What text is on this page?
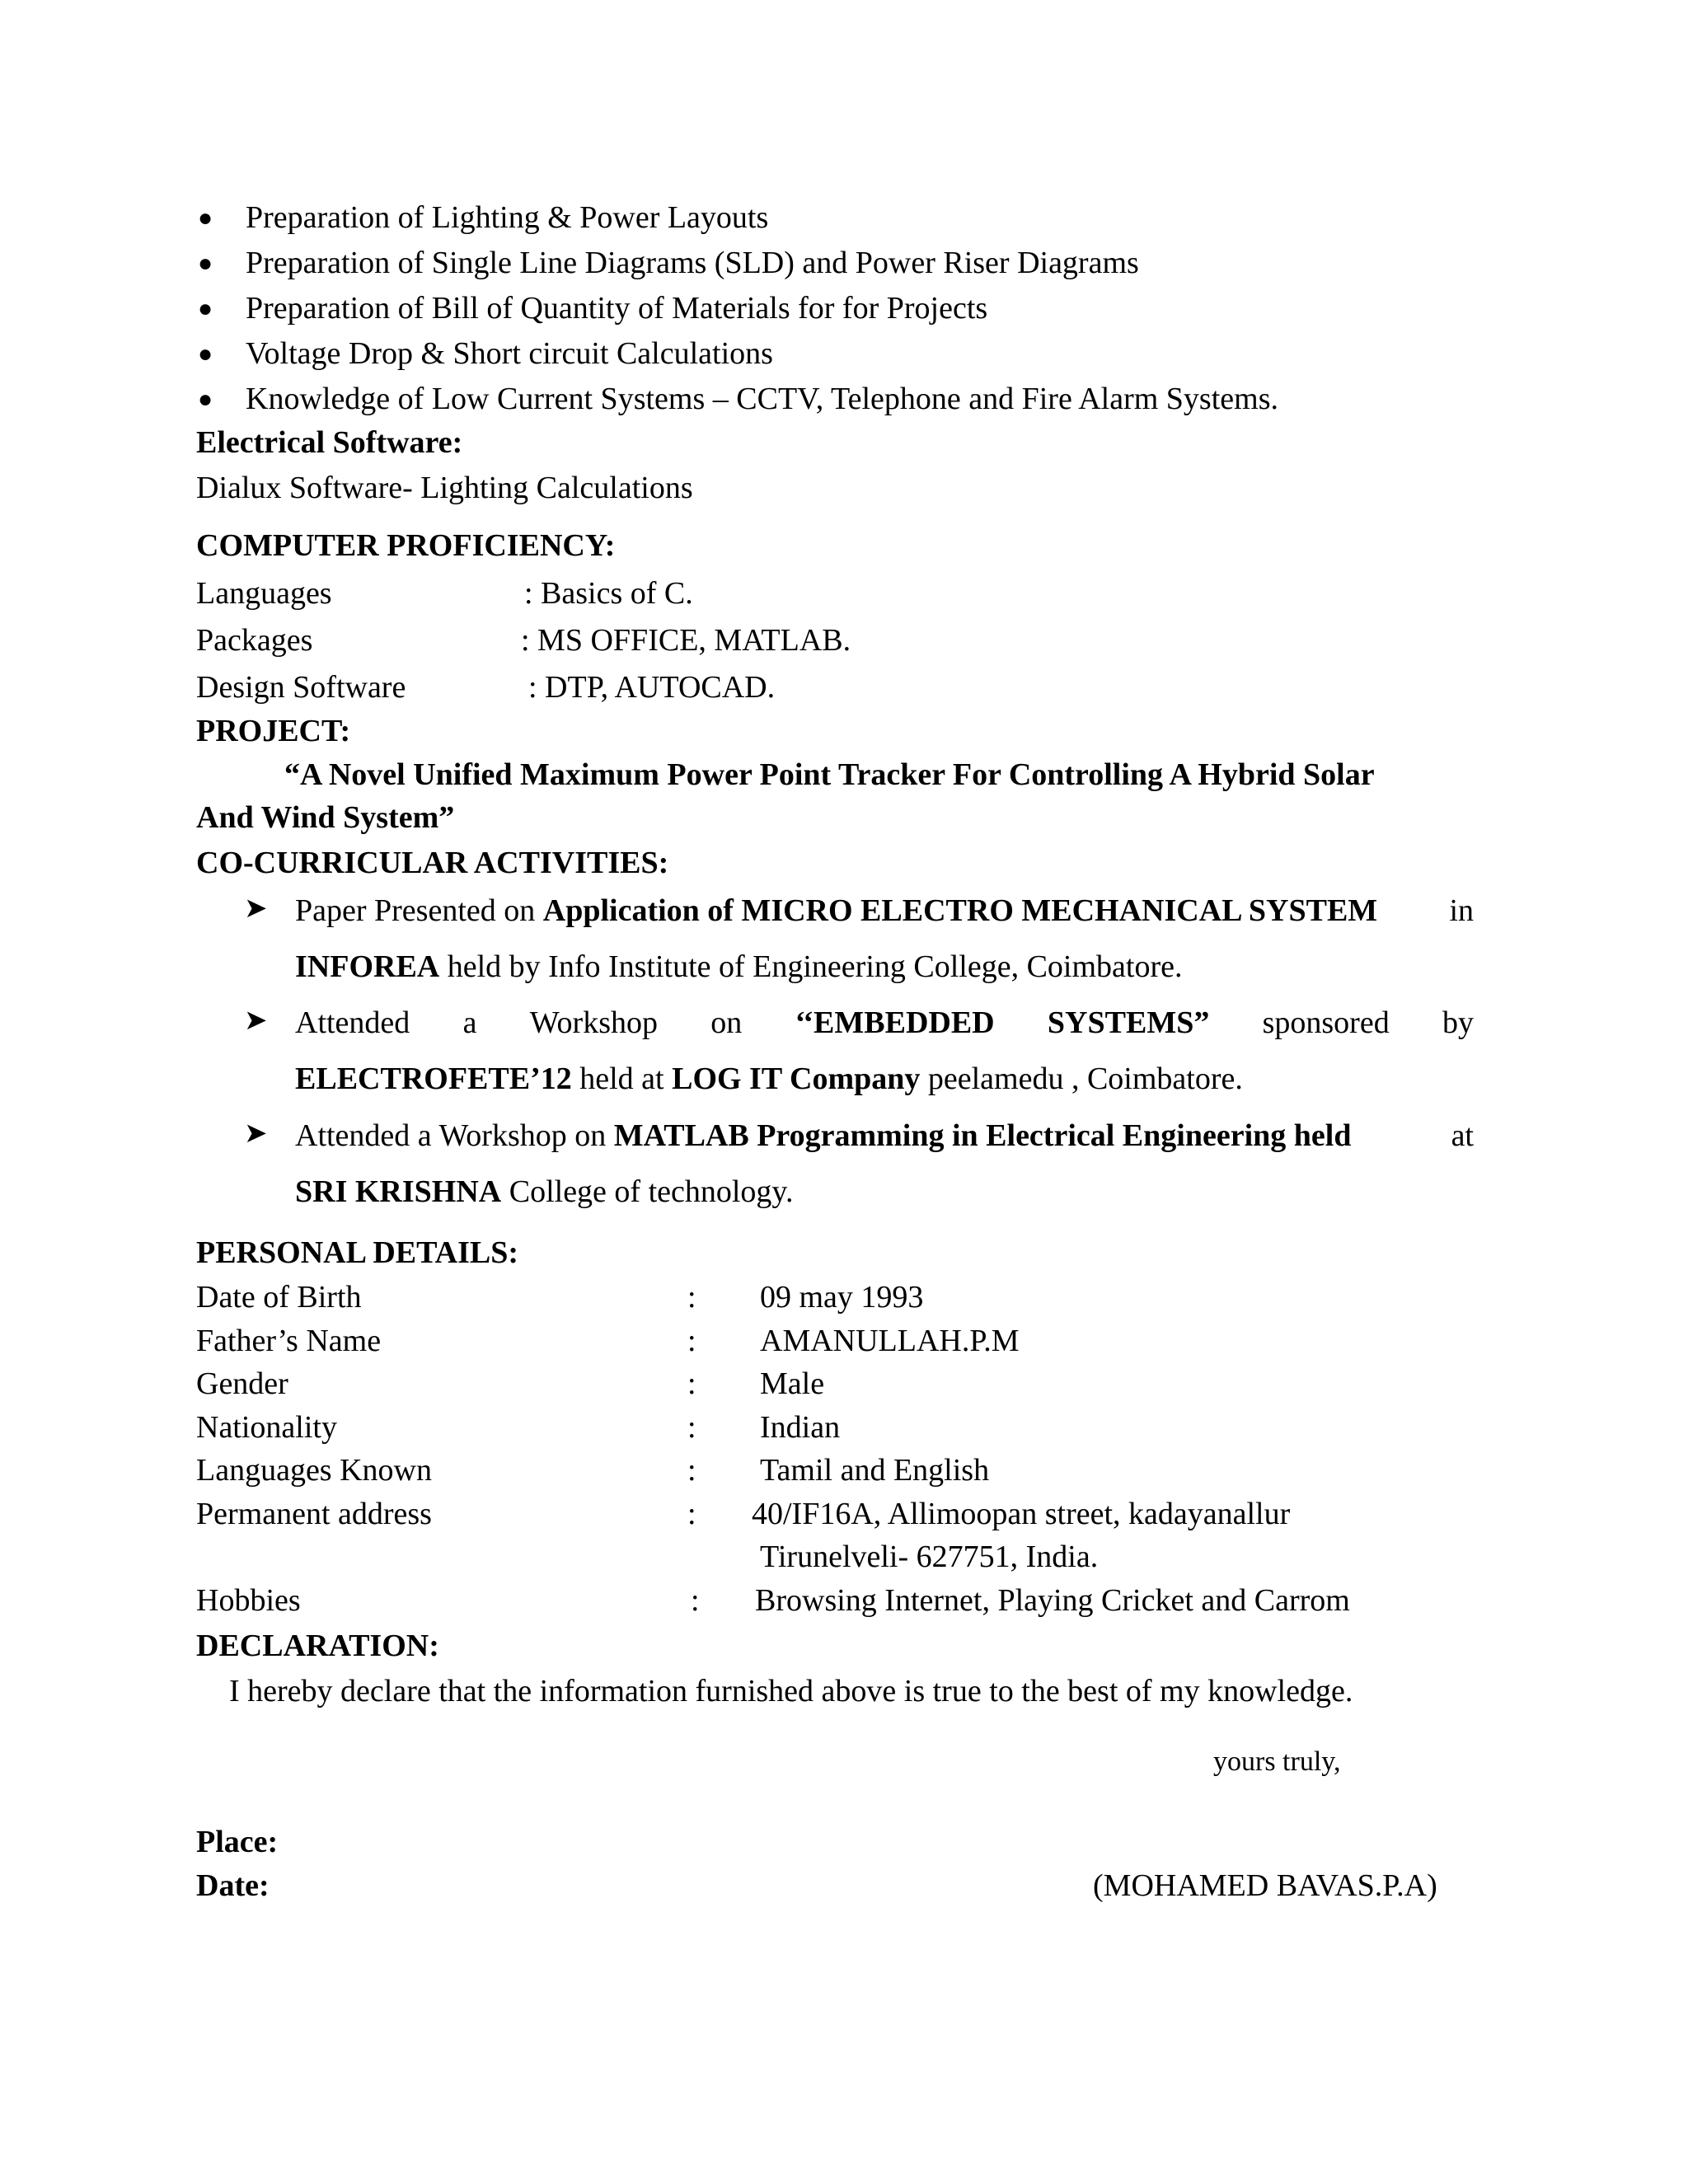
● Preparation of Lighting & Power Layouts
● Preparation of Single Line Diagrams (SLD) and Power Riser Diagrams
● Preparation of Bill of Quantity of Materials for for Projects
● Voltage Drop & Short circuit Calculations
● Knowledge of Low Current Systems – CCTV, Telephone and Fire Alarm Systems.
Electrical Software:
Dialux Software- Lighting Calculations
COMPUTER PROFICIENCY:
Languages	: Basics of C.
Packages	: MS OFFICE, MATLAB.
Design Software	: DTP, AUTOCAD.
PROJECT:
“A Novel Unified Maximum Power Point Tracker For Controlling A Hybrid Solar
And Wind System”
CO-CURRICULAR ACTIVITIES:
➤ Paper Presented on Application of MICRO ELECTRO MECHANICAL SYSTEM in
INFOREA held by Info Institute of Engineering College, Coimbatore.
➤ Attended a Workshop on ‘‘EMBEDDED SYSTEMS” sponsored by
ELECTROFETE’12 held at LOG IT Company peelamedu , Coimbatore.
➤ Attended a Workshop on MATLAB Programming in Electrical Engineering held	at
SRI KRISHNA College of technology.
PERSONAL DETAILS:
Date of Birth	: 09 may 1993
Father’s Name	: AMANULLAH.P.M
Gender	: Male
Nationality	: Indian
Languages Known	: Tamil and English
Permanent address	: 40/IF16A, Allimoopan street, kadayanallur
Tirunelveli- 627751, India.
Hobbies	: Browsing Internet, Playing Cricket and Carrom
DECLARATION:
I hereby declare that the information furnished above is true to the best of my knowledge.
yours truly,
Place:
Date:	(MOHAMED BAVAS.P.A)
